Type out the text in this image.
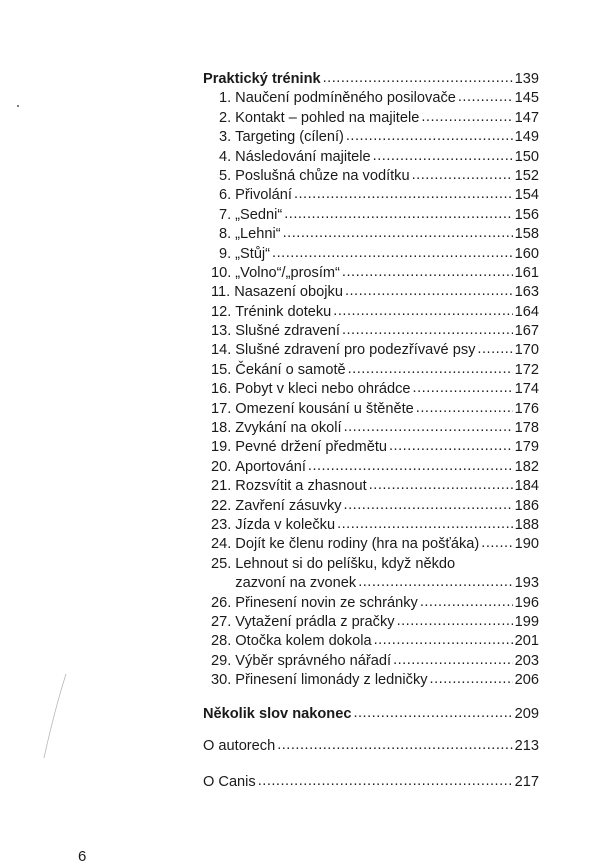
Praktický trénink .....	139
1. Naučení podmíněného posilovače .....	145
2. Kontakt – pohled na majitele .....	147
3. Targeting (cílení) .....	149
4. Následování majitele .....	150
5. Poslušná chůze na vodítku .....	152
6. Přivolání .....	154
7. „Sedni“ .....	156
8. „Lehni“ .....	158
9. „Stůj“ .....	160
10. „Volno“/„prosím“ .....	161
11. Nasazení obojku .....	163
12. Trénink doteku .....	164
13. Slušné zdravení .....	167
14. Slušné zdravení pro podezřívavé psy .....	170
15. Čekání o samotě .....	172
16. Pobyt v kleci nebo ohrádce .....	174
17. Omezení kousání u štěněte .....	176
18. Zvykání na okolí .....	178
19. Pevné držení předmětu .....	179
20. Aportování .....	182
21. Rozsvítit a zhasnout .....	184
22. Zavření zásuvky .....	186
23. Jízda v kolečku .....	188
24. Dojít ke členu rodiny (hra na pošťáka) ..... 190
25. Lehnout si do pelíšku, když někdo
zazvoní na zvonek .....	193
26. Přinesení novin ze schránky .....	196
27. Vytažení prádla z pračky .....	199
28. Otočka kolem dokola .....	201
29. Výběr správného nářadí .....	203
30. Přinesení limonády z ledničky .....	206
Několik slov nakonec .....	209
O autorech .....	213
O Canis .....	217
6
